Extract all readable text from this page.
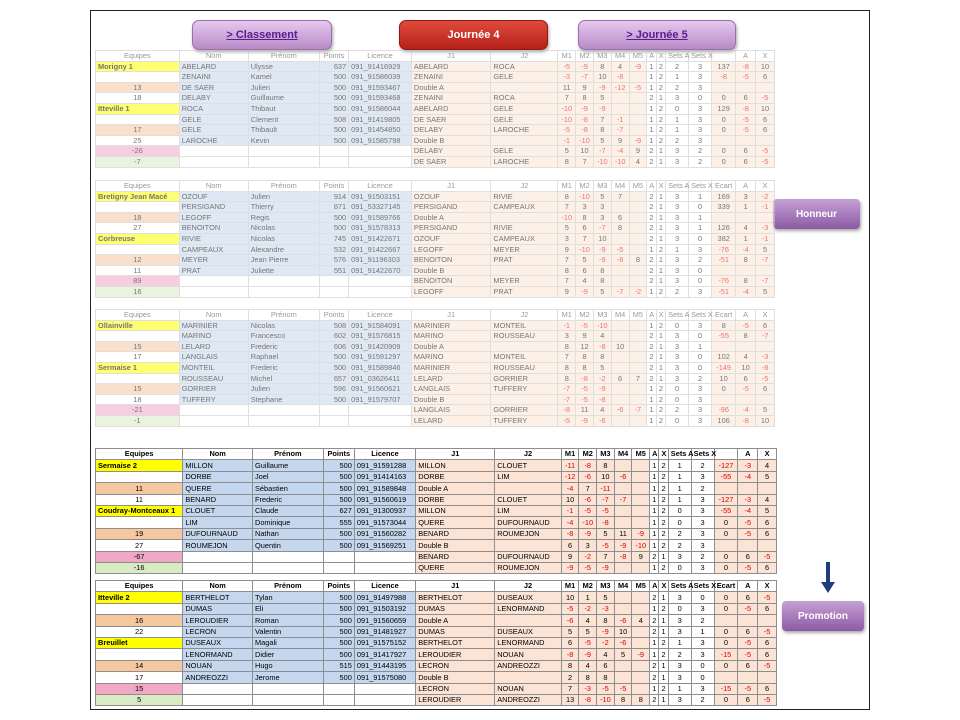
> Classement	Journée 4	> Journée 5
Honneur
Promotion
Equipes	Nom	Prénom	Points	Licence	J1	J2	M1	M2	M3	M4	M5	A	X	Sets A	Sets X		A	X
Morigny 1	ABELARD	Ulysse	637	091_91416929	ABELARD	ROCA	-5	-9	8	4	-9	1	2	2	3	137	-8	10
	ZENAINI	Kamel	500	091_91586039	ZENAINI	GELE	-3	-7	10	-8		1	2	1	3	-8	-5	6
13	DE SAER	Julien	500	091_91593467	Double A		11	9	-9	-12	-5	1	2	2	3			
18	DELABY	Guillaume	500	091_91593468	ZENAINI	ROCA	7	8	5			2	1	3	0	0	6	-5
Itteville 1	ROCA	Thibaut	500	091_91586044	ABELARD	GELE	-10	-9	-9			1	2	0	3	129	-8	10
	GELE	Clement	508	091_91419805	DE SAER	GELE	-10	-8	7	-1		1	2	1	3	0	-5	6
17	GELE	Thibault	500	091_91454850	DELABY	LAROCHE	-5	-8	8	-7		1	2	1	3	0	-5	6
25	LAROCHE	Kevin	500	091_91585798	Double B		-1	-10	5	9	-9	1	2	2	3			
-26					DELABY	GELE	5	10	-7	-4	9	2	1	3	2	0	6	-5
-7					DE SAER	LAROCHE	8	7	-10	-10	4	2	1	3	2	0	6	-5
Equipes	Nom	Prénom	Points	Licence	J1	J2	M1	M2	M3	M4	M5	A	X	Sets A	Sets X	Ecart	A	X
Bretigny Jean Macé	OZOUF	Julien	914	091_91503151	OZOUF	RIVIE	8	-10	5	7		2	1	3	1	169	3	-2
	PERSIGAND	Thierry	871	091_53327145	PERSIGAND	CAMPEAUX	7	3	3			2	1	3	0	339	1	-1
18	LEGOFF	Regis	500	091_91589766	Double A		-10	8	3	6		2	1	3	1			
27	BENOITON	Nicolas	500	091_91578313	PERSIGAND	RIVIE	5	6	-7	8		2	1	3	1	126	4	-3
Corbreuse	RIVIE	Nicolas	745	091_91422671	OZOUF	CAMPEAUX	3	7	10			2	1	3	0	382	1	-1
	CAMPEAUX	Alexandre	532	091_91422667	LEGOFF	MEYER	9	-10	-9	-5		1	2	1	3	-76	-4	5
12	MEYER	Jean Pierre	576	091_91196303	BENOITON	PRAT	7	5	-9	-8	8	2	1	3	2	-51	8	-7
11	PRAT	Juliette	551	091_91422670	Double B		8	6	8			2	1	3	0			
89					BENOITON	MEYER	7	4	8			2	1	3	0	-76	8	-7
16					LEGOFF	PRAT	9	-9	5	-7	-2	1	2	2	3	-51	-4	5
Equipes	Nom	Prénom	Points	Licence	J1	J2	M1	M2	M3	M4	M5	A	X	Sets A	Sets X	Ecart	A	X
Ollainville	MARINIER	Nicolas	508	091_91584091	MARINIER	MONTEIL	-1	-5	-10			1	2	0	3	8	-5	6
	MARINO	Francesco	602	091_91576815	MARINO	ROUSSEAU	3	9	4			2	1	3	0	-55	8	-7
15	LELARD	Frederic	606	091_91420909	Double A		8	12	-8	10		2	1	3	1			
17	LANGLAIS	Raphael	500	091_91591297	MARINO	MONTEIL	7	8	8			2	1	3	0	102	4	-3
Sermaise 1	MONTEIL	Frederic	500	091_91589846	MARINIER	ROUSSEAU	8	8	5			2	1	3	0	-149	10	-8
	ROUSSEAU	Michel	657	091_03626411	LELARD	GORRIER	8	-8	-2	6	7	2	1	3	2	10	6	-5
15	GORRIER	Julien	596	091_91560621	LANGLAIS	TUFFERY	-7	-5	-9			1	2	0	3	0	-5	6
18	TUFFERY	Stephane	500	091_91579707	Double B		-7	-5	-8			1	2	0	3			
-21					LANGLAIS	GORRIER	-8	11	4	-6	-7	1	2	2	3	-96	-4	5
-1					LELARD	TUFFERY	-5	-9	-6			1	2	0	3	106	-8	10
Equipes	Nom	Prénom	Points	Licence	J1	J2	M1	M2	M3	M4	M5	A	X	Sets A	Sets X		A	X
Sermaise 2	MILLON	Guillaume	500	091_91591288	MILLON	CLOUET	-11	-8	8			1	2	1	2	-127	-3	4
	DORBE	Joel	500	091_91414163	DORBE	LIM	-12	-6	10	-6		1	2	1	3	-55	-4	5
11	QUERE	Sébastien	500	091_91589848	Double A		-4	7	-11			1	2	1	2			
11	BENARD	Frederic	500	091_91560619	DORBE	CLOUET	10	-6	-7	-7		1	2	1	3	-127	-3	4
Coudray-Montceaux 1	CLOUET	Claude	627	091_91300937	MILLON	LIM	-1	-5	-5			1	2	0	3	-55	-4	5
	LIM	Dominique	555	091_91573044	QUERE	DUFOURNAUD	-4	-10	-8			1	2	0	3	0	-5	6
19	DUFOURNAUD	Nathan	500	091_91560282	BENARD	ROUMEJON	-8	-9	5	11	-9	1	2	2	3	0	-5	6
27	ROUMEJON	Quentin	500	091_91569251	Double B		6	3	-5	-9	-10	1	2	2	3			
-67					BENARD	DUFOURNAUD	9	-2	7	-8	9	2	1	3	2	0	6	-5
-16					QUERE	ROUMEJON	-9	-5	-9			1	2	0	3	0	-5	6
Equipes	Nom	Prénom	Points	Licence	J1	J2	M1	M2	M3	M4	M5	A	X	Sets A	Sets X	Ecart	A	X
Itteville 2	BERTHELOT	Tylan	500	091_91497988	BERTHELOT	DUSEAUX	10	1	5			2	1	3	0	0	6	-5
	DUMAS	Eli	500	091_91503192	DUMAS	LENORMAND	-5	-2	-3			1	2	0	3	0	-5	6
16	LEROUDIER	Roman	500	091_91560659	Double A		-6	4	8	-6	4	2	1	3	2			
22	LECRON	Valentin	500	091_91481927	DUMAS	DUSEAUX	5	5	-9	10		2	1	3	1	0	6	-5
Breuillet	DUSEAUX	Magali	500	091_91575152	BERTHELOT	LENORMAND	6	-5	-2	-6		1	2	1	3	0	-5	6
	LENORMAND	Didier	500	091_91417927	LEROUDIER	NOUAN	-8	-9	4	5	-9	1	2	2	3	-15	-5	6
14	NOUAN	Hugo	515	091_91443195	LECRON	ANDREOZZI	8	4	6			2	1	3	0	0	6	-5
17	ANDREOZZI	Jerome	500	091_91575080	Double B		2	8	8			2	1	3	0			
15					LECRON	NOUAN	7	-3	-5	-5		1	2	1	3	-15	-5	6
5					LEROUDIER	ANDREOZZI	13	-8	-10	8	8	2	1	3	2	0	6	-5
